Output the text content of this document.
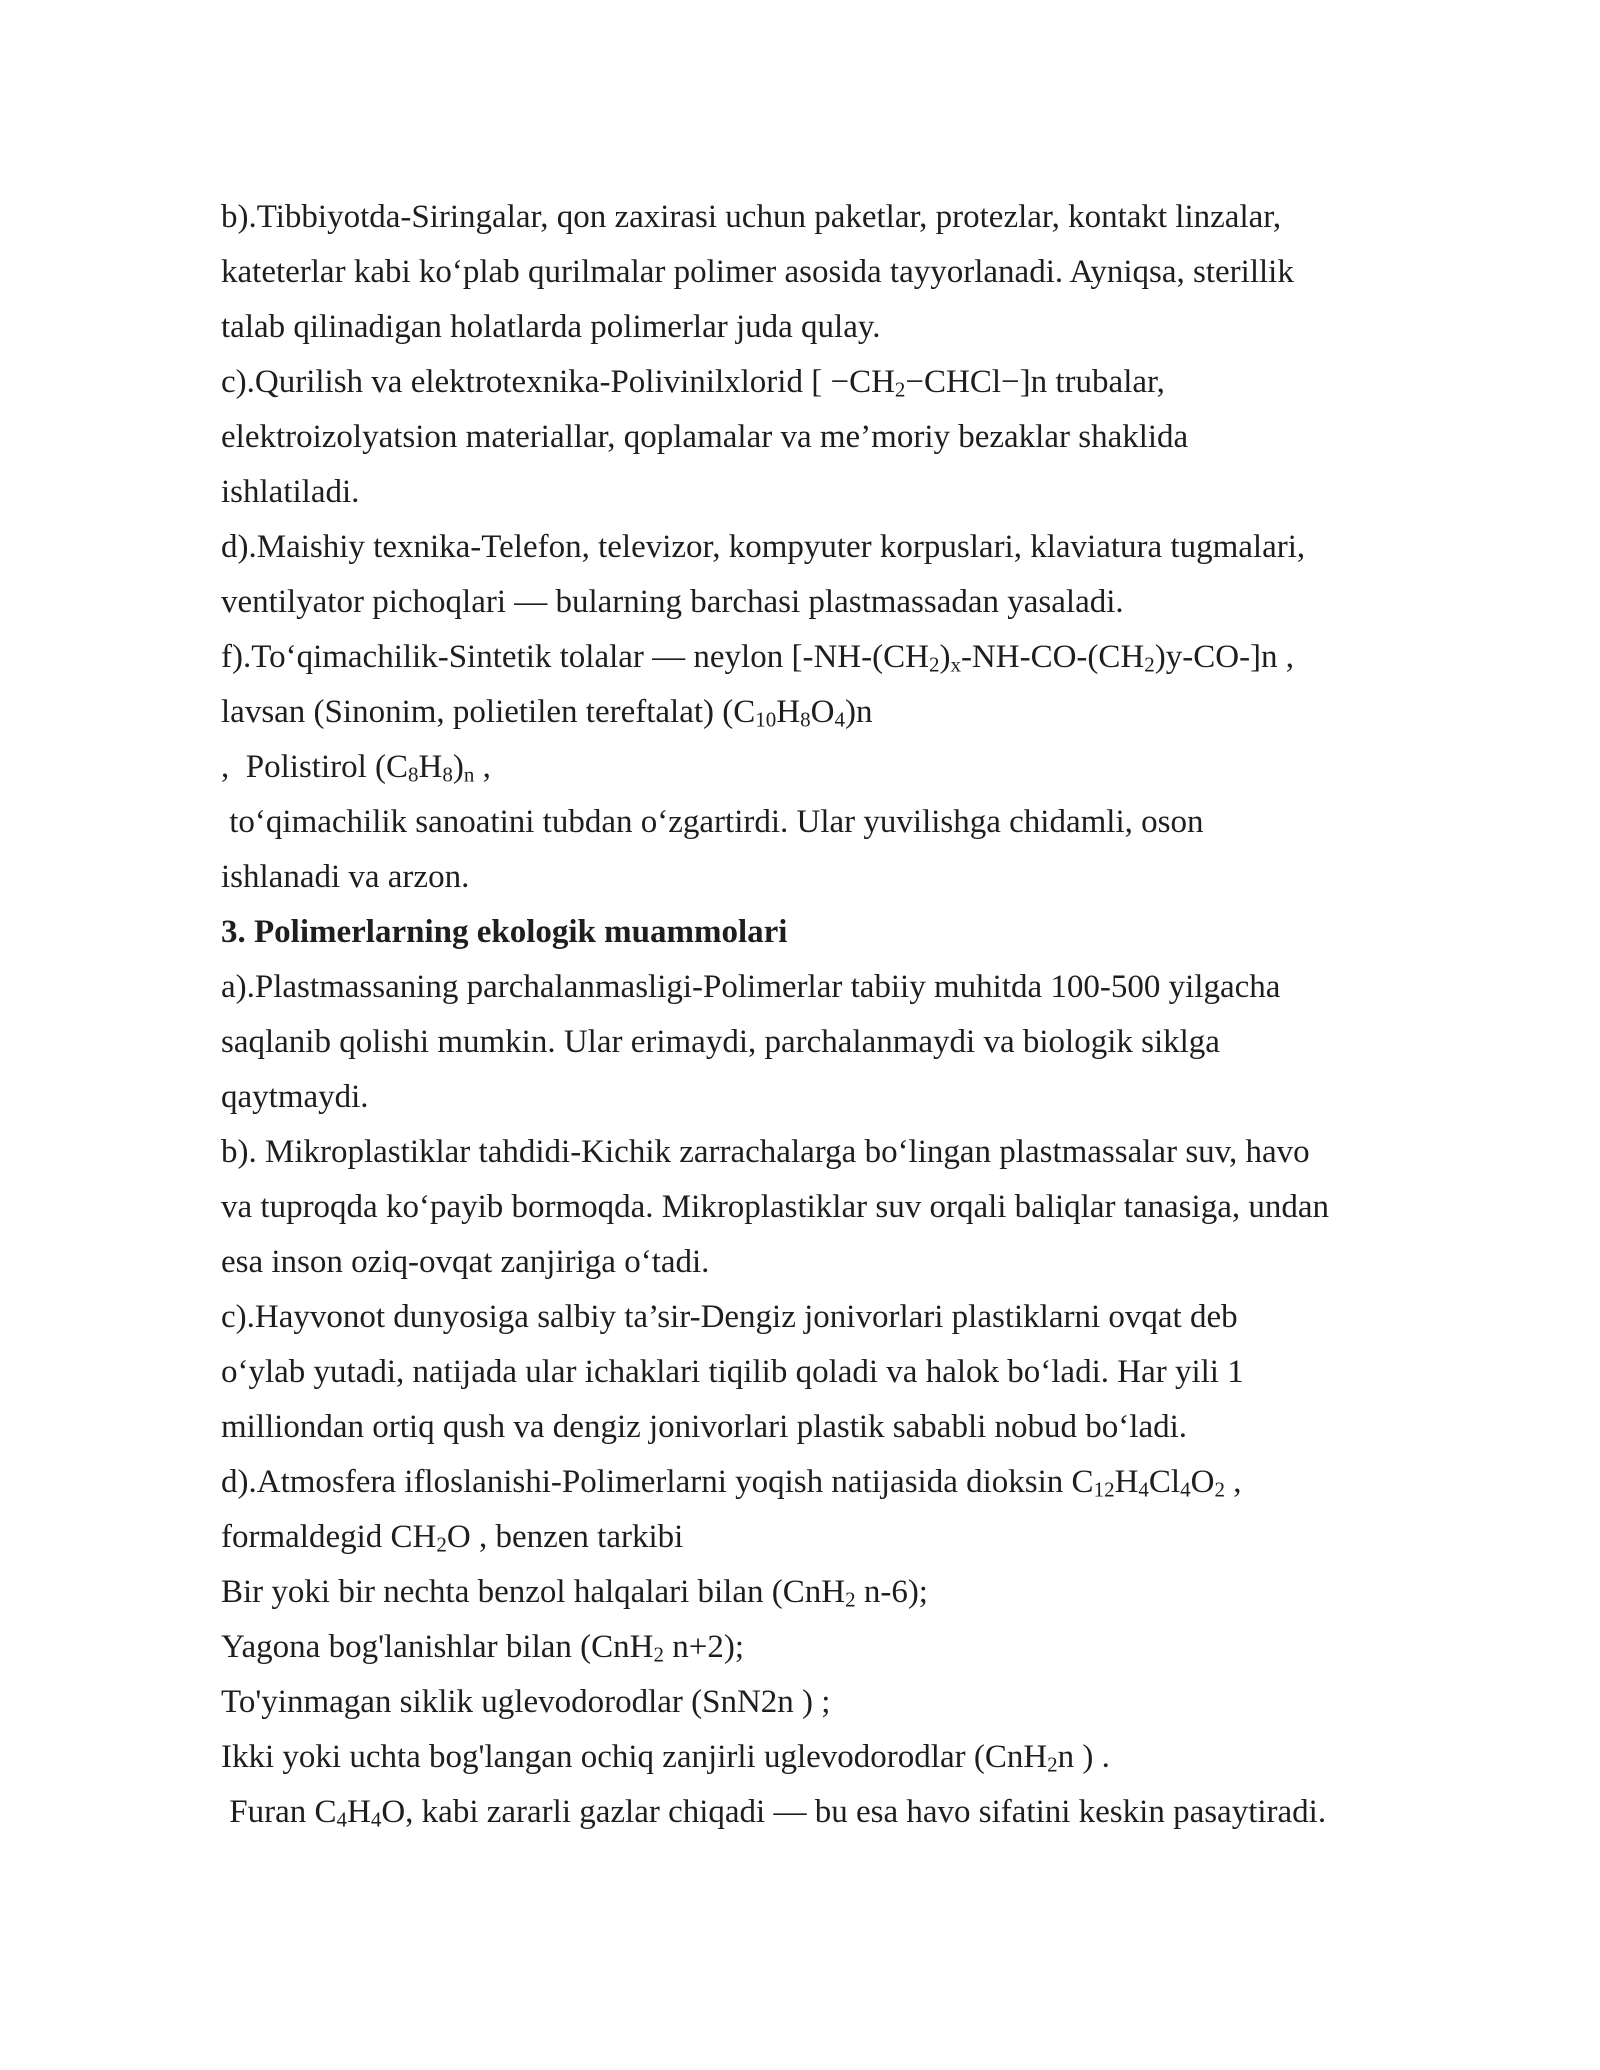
b).Tibbiyotda-Siringalar, qon zaxirasi uchun paketlar, protezlar, kontakt linzalar,
kateterlar kabi ko‘plab qurilmalar polimer asosida tayyorlanadi. Ayniqsa, sterillik
talab qilinadigan holatlarda polimerlar juda qulay.
c).Qurilish va elektrotexnika-Polivinilxlorid [ $-CH_2-CHCl-]n$ trubalar,
elektroizolyatsion materiallar, qoplamalar va me’moriy bezaklar shaklida
ishlatiladi.
d).Maishiy texnika-Telefon, televizor, kompyuter korpuslari, klaviatura tugmalari,
ventilyator pichoqlari — bularning barchasi plastmassadan yasaladi.
f).To‘qimachilik-Sintetik tolalar — neylon $[-NH-(CH_2)_x-NH-CO-(CH_2)y-CO-]n$ ,
lavsan (Sinonim, polietilen tereftalat) $(C_{10}H_8O_4)n$
,  Polistirol $(C_8H_8)_n$ ,
to‘qimachilik sanoatini tubdan o‘zgartirdi. Ular yuvilishga chidamli, oson
ishlanadi va arzon.
3. Polimerlarning ekologik muammolari
a).Plastmassaning parchalanmasligi-Polimerlar tabiiy muhitda 100-500 yilgacha
saqlanib qolishi mumkin. Ular erimaydi, parchalanmaydi va biologik siklga
qaytmaydi.
b). Mikroplastiklar tahdidi-Kichik zarrachalarga bo‘lingan plastmassalar suv, havo
va tuproqda ko‘payib bormoqda. Mikroplastiklar suv orqali baliqlar tanasiga, undan
esa inson oziq-ovqat zanjiriga o‘tadi.
c).Hayvonot dunyosiga salbiy ta’sir-Dengiz jonivorlari plastiklarni ovqat deb
o‘ylab yutadi, natijada ular ichaklari tiqilib qoladi va halok bo‘ladi. Har yili 1
milliondan ortiq qush va dengiz jonivorlari plastik sababli nobud bo‘ladi.
d).Atmosfera ifloslanishi-Polimerlarni yoqish natijasida dioksin $C_{12}H_4Cl_4O_2$ ,
formaldegid $CH_2O$ , benzen tarkibi
Bir yoki bir nechta benzol halqalari bilan (CnH$_2$ n-6);
Yagona bog'lanishlar bilan (CnH$_2$ n+2);
To'yinmagan siklik uglevodorodlar (SnN2n ) ;
Ikki yoki uchta bog'langan ochiq zanjirli uglevodorodlar (CnH$_2$n ) .
Furan $C_4H_4O$, kabi zararli gazlar chiqadi — bu esa havo sifatini keskin pasaytiradi.
